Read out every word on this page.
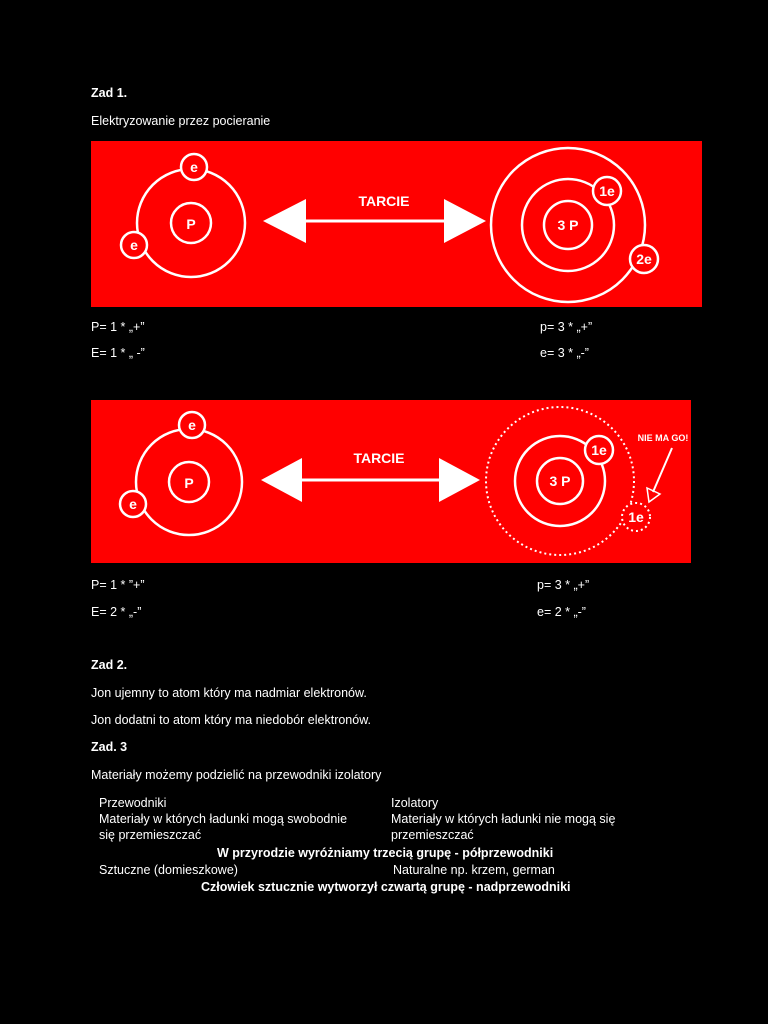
Zad 1.
Elektryzowanie przez pocieranie
P
e
e
TARCIE
3 P
1e
2e
P= 1 * „+”
E= 1 * „ -”
p= 3 * „+”
e= 3 * „-”
P
e
e
TARCIE
3 P
1e
1e
NIE MA GO!
P= 1 * ”+”
E= 2 * „-”
p= 3 * „+”
e= 2 * „-”
Zad 2.
Jon ujemny to atom który ma nadmiar elektronów.
Jon dodatni to atom który ma niedobór elektronów.
Zad. 3
Materiały możemy podzielić na przewodniki izolatory
Przewodniki
Materiały w których ładunki mogą swobodnie
się przemieszczać
Izolatory
Materiały w których ładunki nie mogą się
przemieszczać
W przyrodzie wyróżniamy trzecią grupę - półprzewodniki
Sztuczne (domieszkowe)	Naturalne np. krzem, german
Człowiek sztucznie wytworzył czwartą grupę - nadprzewodniki
